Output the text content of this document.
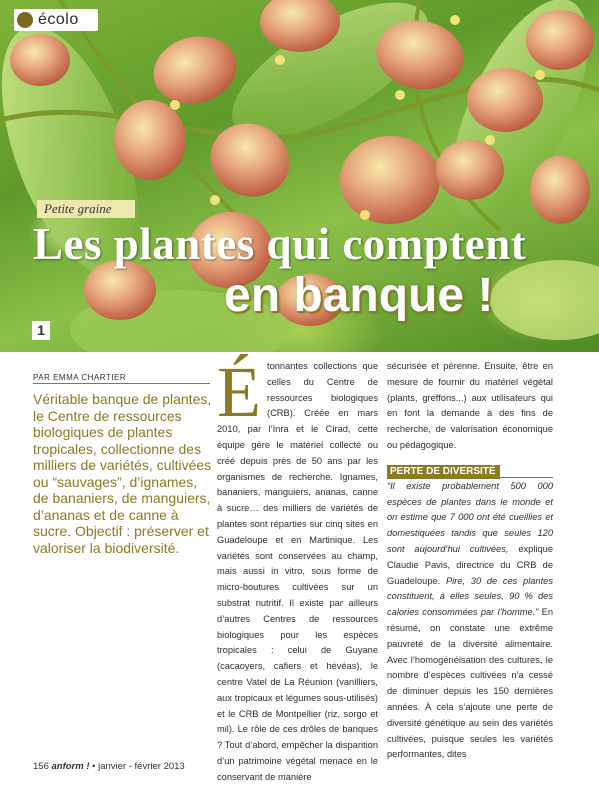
écolo
Petite graine
Les plantes qui comptent
en banque !
1
PAR EMMA CHARTIER
Véritable banque de plantes, le Centre de ressources biologiques de plantes tropicales, collectionne des milliers de variétés, cultivées ou “sauvages”, d’ignames, de bananiers, de manguiers, d’ananas et de canne à sucre. Objectif : préserver et valoriser la biodiversité.
Étonnantes collections que celles du Centre de ressources biologiques (CRB). Créée en mars 2010, par l’Inra et le Cirad, cette équipe gère le matériel collecté ou créé depuis près de 50 ans par les organismes de recherche. Ignames, bananiers, manguiers, ananas, canne à sucre… des milliers de variétés de plantes sont réparties sur cinq sites en Guadeloupe et en Martinique. Les variétés sont conservées au champ, mais aussi in vitro, sous forme de micro-boutures cultivées sur un substrat nutritif. Il existe par ailleurs d’autres Centres de ressources biologiques pour les espèces tropicales : celui de Guyane (cacaoyers, cafiers et hévéas), le centre Vatel de La Réunion (vanilliers, aux tropicaux et légumes sous-utilisés) et le CRB de Montpellier (riz, sorgo et mil). Le rôle de ces drôles de banques ? Tout d’abord, empêcher la disparition d’un patrimoine végétal menacé en le conservant de manière

sécurisée et pérenne. Ensuite, être en mesure de fournir du matériel végétal (plants, greffons...) aux utilisateurs qui en font la demande à des fins de recherche, de valorisation économique ou pédagogique.

PERTE DE DIVERSITÉ

“Il existe probablement 500 000 espèces de plantes dans le monde et on estime que 7 000 ont été cueillies et domestiquées tandis que seules 120 sont aujourd’hui cultivées, explique Claudie Pavis, directrice du CRB de Guadeloupe. Pire, 30 de ces plantes constituent, à elles seules, 90 % des calories consommées par l’homme.” En résumé, on constate une extrême pauvreté de la diversité alimentaire. Avec l’homogénéisation des cultures, le nombre d’espèces cultivées n’a cessé de diminuer depuis les 150 dernières années. À cela s’ajoute une perte de diversité génétique au sein des variétés cultivées, puisque seules les variétés performantes, dites

156 anform ! • janvier - février 2013
